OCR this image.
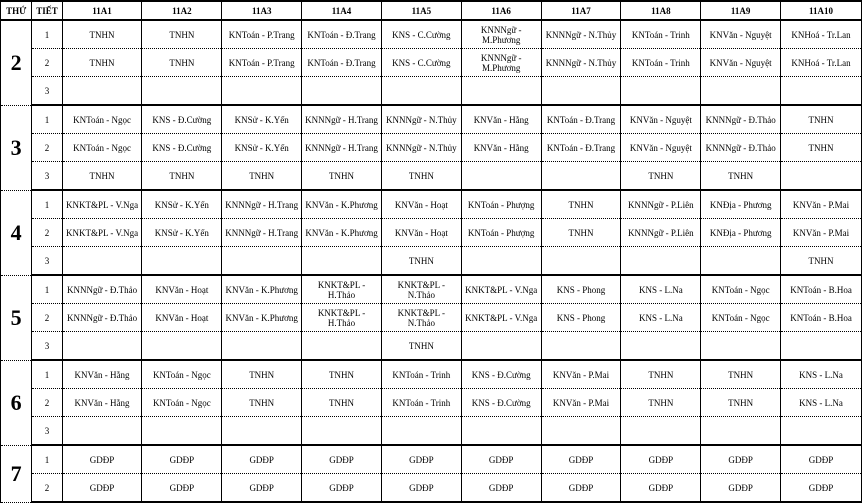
THỨ	TIẾT	11A1	11A2	11A3	11A4	11A5	11A6	11A7	11A8	11A9	11A10
2	1	TNHN	TNHN	KNToán - P.Trang	KNToán - Đ.Trang	KNS - C.Cường	KNNNgữ - M.Phương	KNNNgữ - N.Thủy	KNToán - Trinh	KNVăn - Nguyệt	KNHoá - Tr.Lan
	2	TNHN	TNHN	KNToán - P.Trang	KNToán - Đ.Trang	KNS - C.Cường	KNNNgữ - M.Phương	KNNNgữ - N.Thủy	KNToán - Trinh	KNVăn - Nguyệt	KNHoá - Tr.Lan
	3										
3	1	KNToán - Ngọc	KNS - Đ.Cường	KNSử - K.Yến	KNNNgữ - H.Trang	KNNNgữ - N.Thủy	KNVăn - Hằng	KNToán - Đ.Trang	KNVăn - Nguyệt	KNNNgữ - Đ.Thảo	TNHN
	2	KNToán - Ngọc	KNS - Đ.Cường	KNSử - K.Yến	KNNNgữ - H.Trang	KNNNgữ - N.Thủy	KNVăn - Hằng	KNToán - Đ.Trang	KNVăn - Nguyệt	KNNNgữ - Đ.Thảo	TNHN
	3	TNHN	TNHN	TNHN	TNHN	TNHN			TNHN	TNHN	
4	1	KNKT&PL - V.Nga	KNSử - K.Yến	KNNNgữ - H.Trang	KNVăn - K.Phương	KNVăn - Hoạt	KNToán - Phượng	TNHN	KNNNgữ - P.Liên	KNĐịa - Phương	KNVăn - P.Mai
	2	KNKT&PL - V.Nga	KNSử - K.Yến	KNNNgữ - H.Trang	KNVăn - K.Phương	KNVăn - Hoạt	KNToán - Phượng	TNHN	KNNNgữ - P.Liên	KNĐịa - Phương	KNVăn - P.Mai
	3					TNHN					TNHN
5	1	KNNNgữ - Đ.Thảo	KNVăn - Hoạt	KNVăn - K.Phương	KNKT&PL - H.Thảo	KNKT&PL - N.Thảo	KNKT&PL - V.Nga	KNS - Phong	KNS - L.Na	KNToán - Ngọc	KNToán - B.Hoa
	2	KNNNgữ - Đ.Thảo	KNVăn - Hoạt	KNVăn - K.Phương	KNKT&PL - H.Thảo	KNKT&PL - N.Thảo	KNKT&PL - V.Nga	KNS - Phong	KNS - L.Na	KNToán - Ngọc	KNToán - B.Hoa
	3					TNHN					
6	1	KNVăn - Hằng	KNToán - Ngọc	TNHN	TNHN	KNToán - Trinh	KNS - Đ.Cường	KNVăn - P.Mai	TNHN	TNHN	KNS - L.Na
	2	KNVăn - Hằng	KNToán - Ngọc	TNHN	TNHN	KNToán - Trinh	KNS - Đ.Cường	KNVăn - P.Mai	TNHN	TNHN	KNS - L.Na
	3										
7	1	GDĐP	GDĐP	GDĐP	GDĐP	GDĐP	GDĐP	GDĐP	GDĐP	GDĐP	GDĐP
	2	GDĐP	GDĐP	GDĐP	GDĐP	GDĐP	GDĐP	GDĐP	GDĐP	GDĐP	GDĐP
